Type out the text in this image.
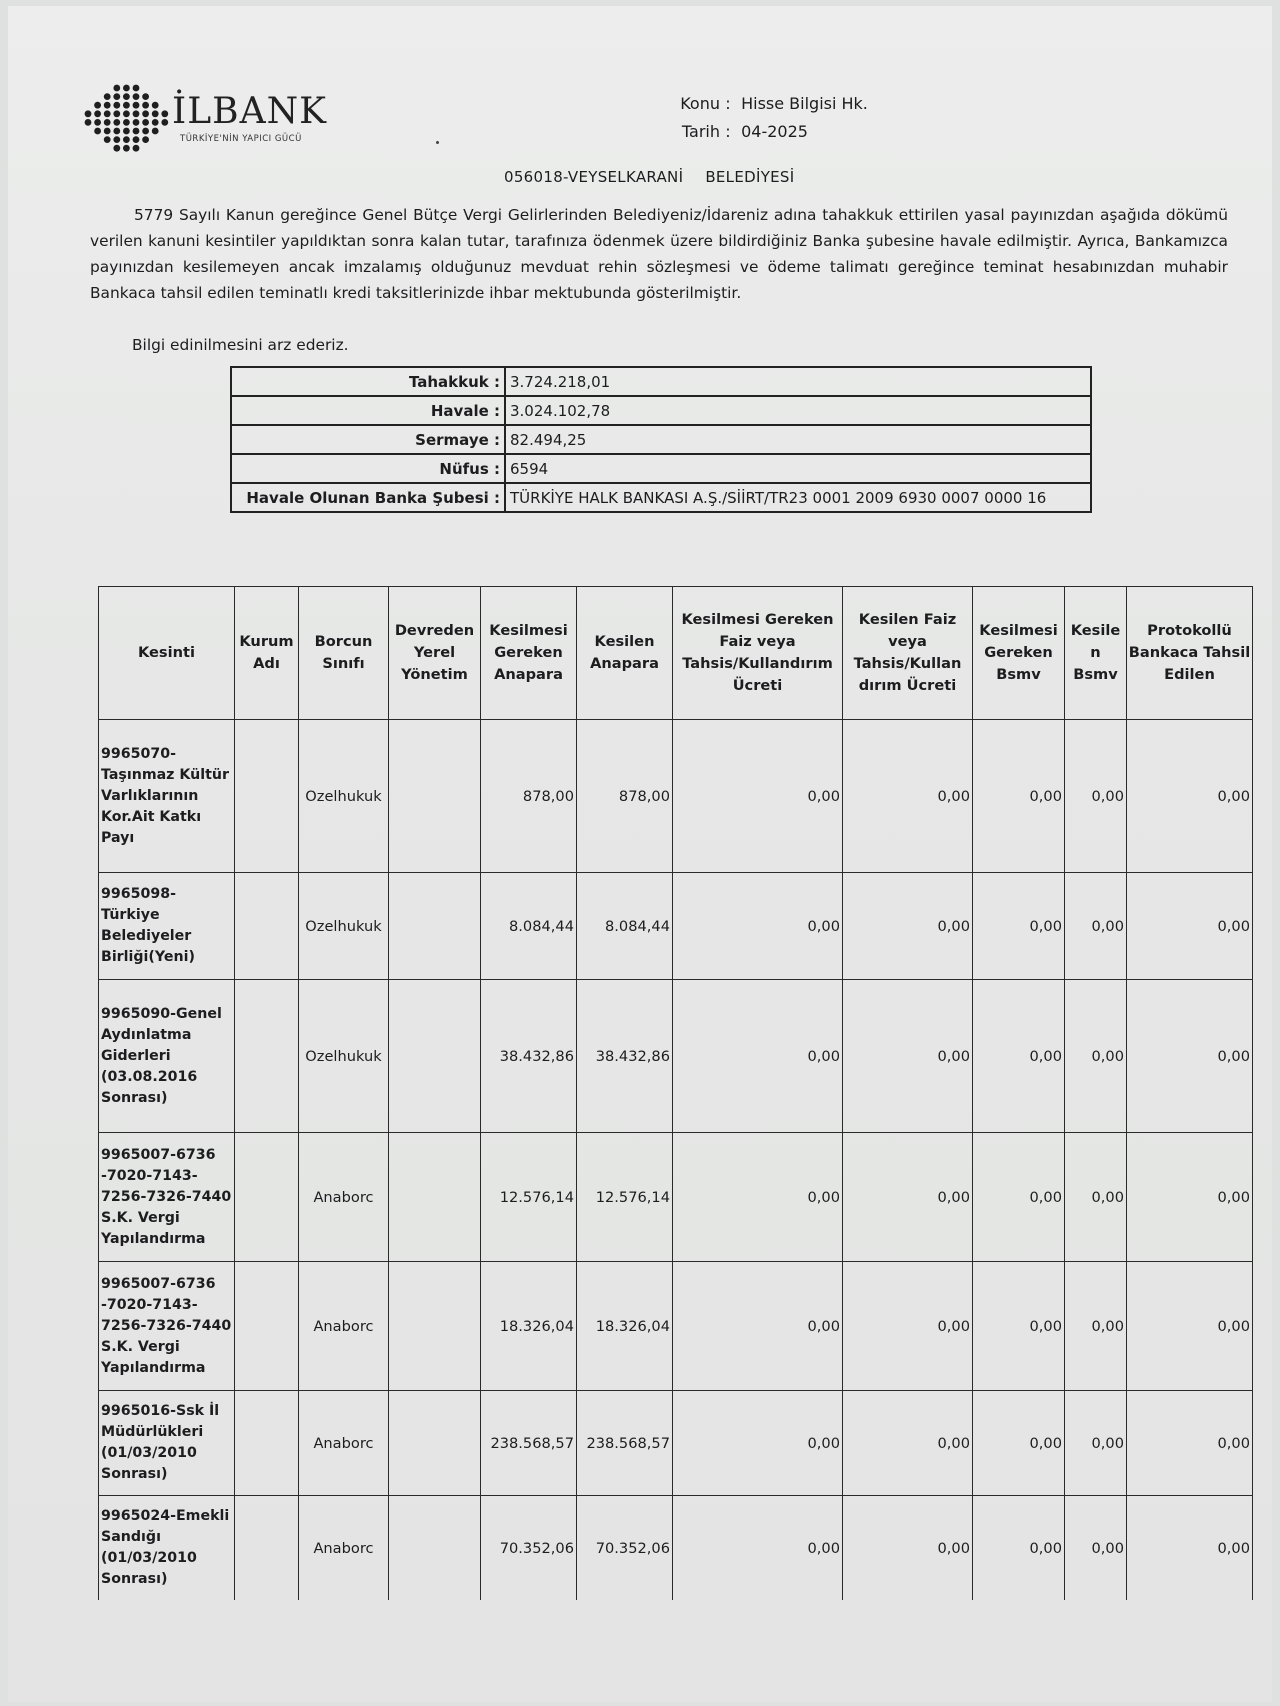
İLBANK
TÜRKİYE'NİN YAPICI GÜCÜ
Konu : Hisse Bilgisi Hk.
Tarih : 04-2025
056018-VEYSELKARANİ BELEDİYESİ

5779 Sayılı Kanun gereğince Genel Bütçe Vergi Gelirlerinden Belediyeniz/İdareniz adına tahakkuk ettirilen yasal payınızdan aşağıda dökümü verilen kanuni kesintiler yapıldıktan sonra kalan tutar, tarafınıza ödenmek üzere bildirdiğiniz Banka şubesine havale edilmiştir. Ayrıca, Bankamızca payınızdan kesilemeyen ancak imzalamış olduğunuz mevduat rehin sözleşmesi ve ödeme talimatı gereğince teminat hesabınızdan muhabir Bankaca tahsil edilen teminatlı kredi taksitlerinizde ihbar mektubunda gösterilmiştir.

Bilgi edinilmesini arz ederiz.
Tahakkuk :	3.724.218,01
Havale :	3.024.102,78
Sermaye :	82.494,25
Nüfus :	6594
Havale Olunan Banka Şubesi :	TÜRKİYE HALK BANKASI A.Ş./SİİRT/TR23 0001 2009 6930 0007 0000 16
Kesinti	Kurum Adı	Borcun Sınıfı	Devreden Yerel Yönetim	Kesilmesi Gereken Anapara	Kesilen Anapara	Kesilmesi Gereken Faiz veya Tahsis/Kullandırım Ücreti	Kesilen Faiz veya Tahsis/Kullan dırım Ücreti	Kesilmesi Gereken Bsmv	Kesile n Bsmv	Protokollü Bankaca Tahsil Edilen
9965070-Taşınmaz Kültür Varlıklarının Kor.Ait Katkı Payı		Ozelhukuk		878,00	878,00	0,00	0,00	0,00	0,00	0,00
9965098-Türkiye Belediyeler Birliği(Yeni)		Ozelhukuk		8.084,44	8.084,44	0,00	0,00	0,00	0,00	0,00
9965090-Genel Aydınlatma Giderleri (03.08.2016 Sonrası)		Ozelhukuk		38.432,86	38.432,86	0,00	0,00	0,00	0,00	0,00
9965007-6736 -7020-7143-7256-7326-7440 S.K. Vergi Yapılandırma		Anaborc		12.576,14	12.576,14	0,00	0,00	0,00	0,00	0,00
9965007-6736 -7020-7143-7256-7326-7440 S.K. Vergi Yapılandırma		Anaborc		18.326,04	18.326,04	0,00	0,00	0,00	0,00	0,00
9965016-Ssk İl Müdürlükleri (01/03/2010 Sonrası)		Anaborc		238.568,57	238.568,57	0,00	0,00	0,00	0,00	0,00
9965024-Emekli Sandığı (01/03/2010 Sonrası)		Anaborc		70.352,06	70.352,06	0,00	0,00	0,00	0,00	0,00
